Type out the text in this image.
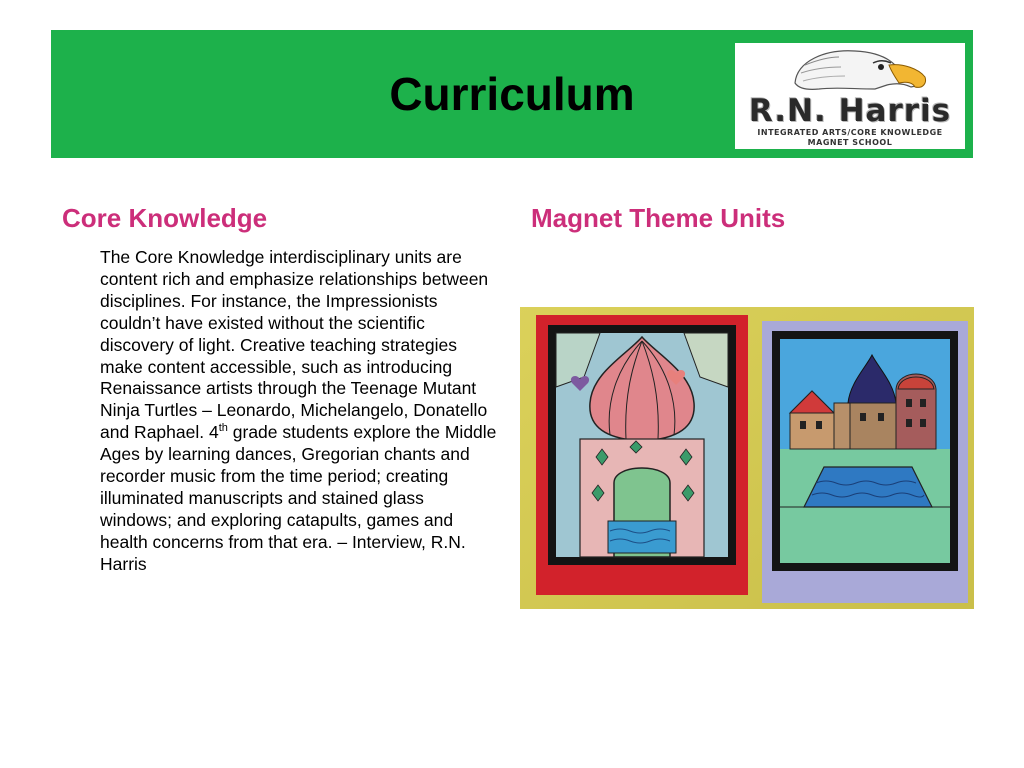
Curriculum	R.N. Harris
INTEGRATED ARTS/CORE KNOWLEDGE
MAGNET SCHOOL
Core Knowledge	Magnet Theme Units

The Core Knowledge interdisciplinary units are content rich and emphasize relationships between disciplines. For instance, the Impressionists couldn’t have existed without the scientific discovery of light. Creative teaching strategies make content accessible, such as introducing Renaissance artists through the Teenage Mutant Ninja Turtles – Leonardo, Michelangelo, Donatello and Raphael. 4th grade students explore the Middle Ages by learning dances, Gregorian chants and recorder music from the time period; creating illuminated manuscripts and stained glass windows; and exploring catapults, games and health concerns from that era. – Interview, R.N. Harris
